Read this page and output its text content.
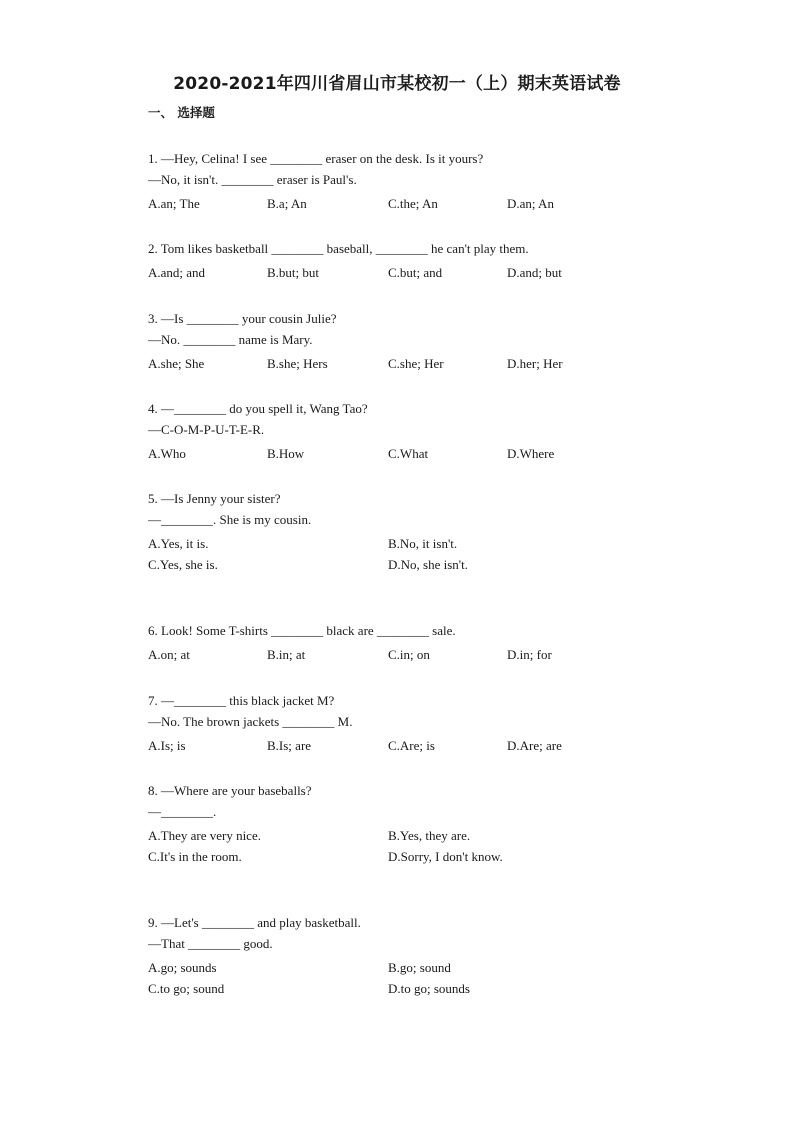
2020-2021年四川省眉山市某校初一（上）期末英语试卷
一、 选择题
1. —Hey, Celina! I see ________ eraser on the desk. Is it yours?
—No, it isn't. ________ eraser is Paul's.
A.an; The	B.a; An	C.the; An	D.an; An
2. Tom likes basketball ________ baseball, ________ he can't play them.
A.and; and	B.but; but	C.but; and	D.and; but
3. —Is ________ your cousin Julie?
—No. ________ name is Mary.
A.she; She	B.she; Hers	C.she; Her	D.her; Her
4. —________ do you spell it, Wang Tao?
—C-O-M-P-U-T-E-R.
A.Who	B.How	C.What	D.Where
5. —Is Jenny your sister?
—________. She is my cousin.
A.Yes, it is.	B.No, it isn't.
C.Yes, she is.	D.No, she isn't.
6. Look! Some T-shirts ________ black are ________ sale.
A.on; at	B.in; at	C.in; on	D.in; for
7. —________ this black jacket M?
—No. The brown jackets ________ M.
A.Is; is	B.Is; are	C.Are; is	D.Are; are
8. —Where are your baseballs?
—________.
A.They are very nice.	B.Yes, they are.
C.It's in the room.	D.Sorry, I don't know.
9. —Let's ________ and play basketball.
—That ________ good.
A.go; sounds	B.go; sound
C.to go; sound	D.to go; sounds
